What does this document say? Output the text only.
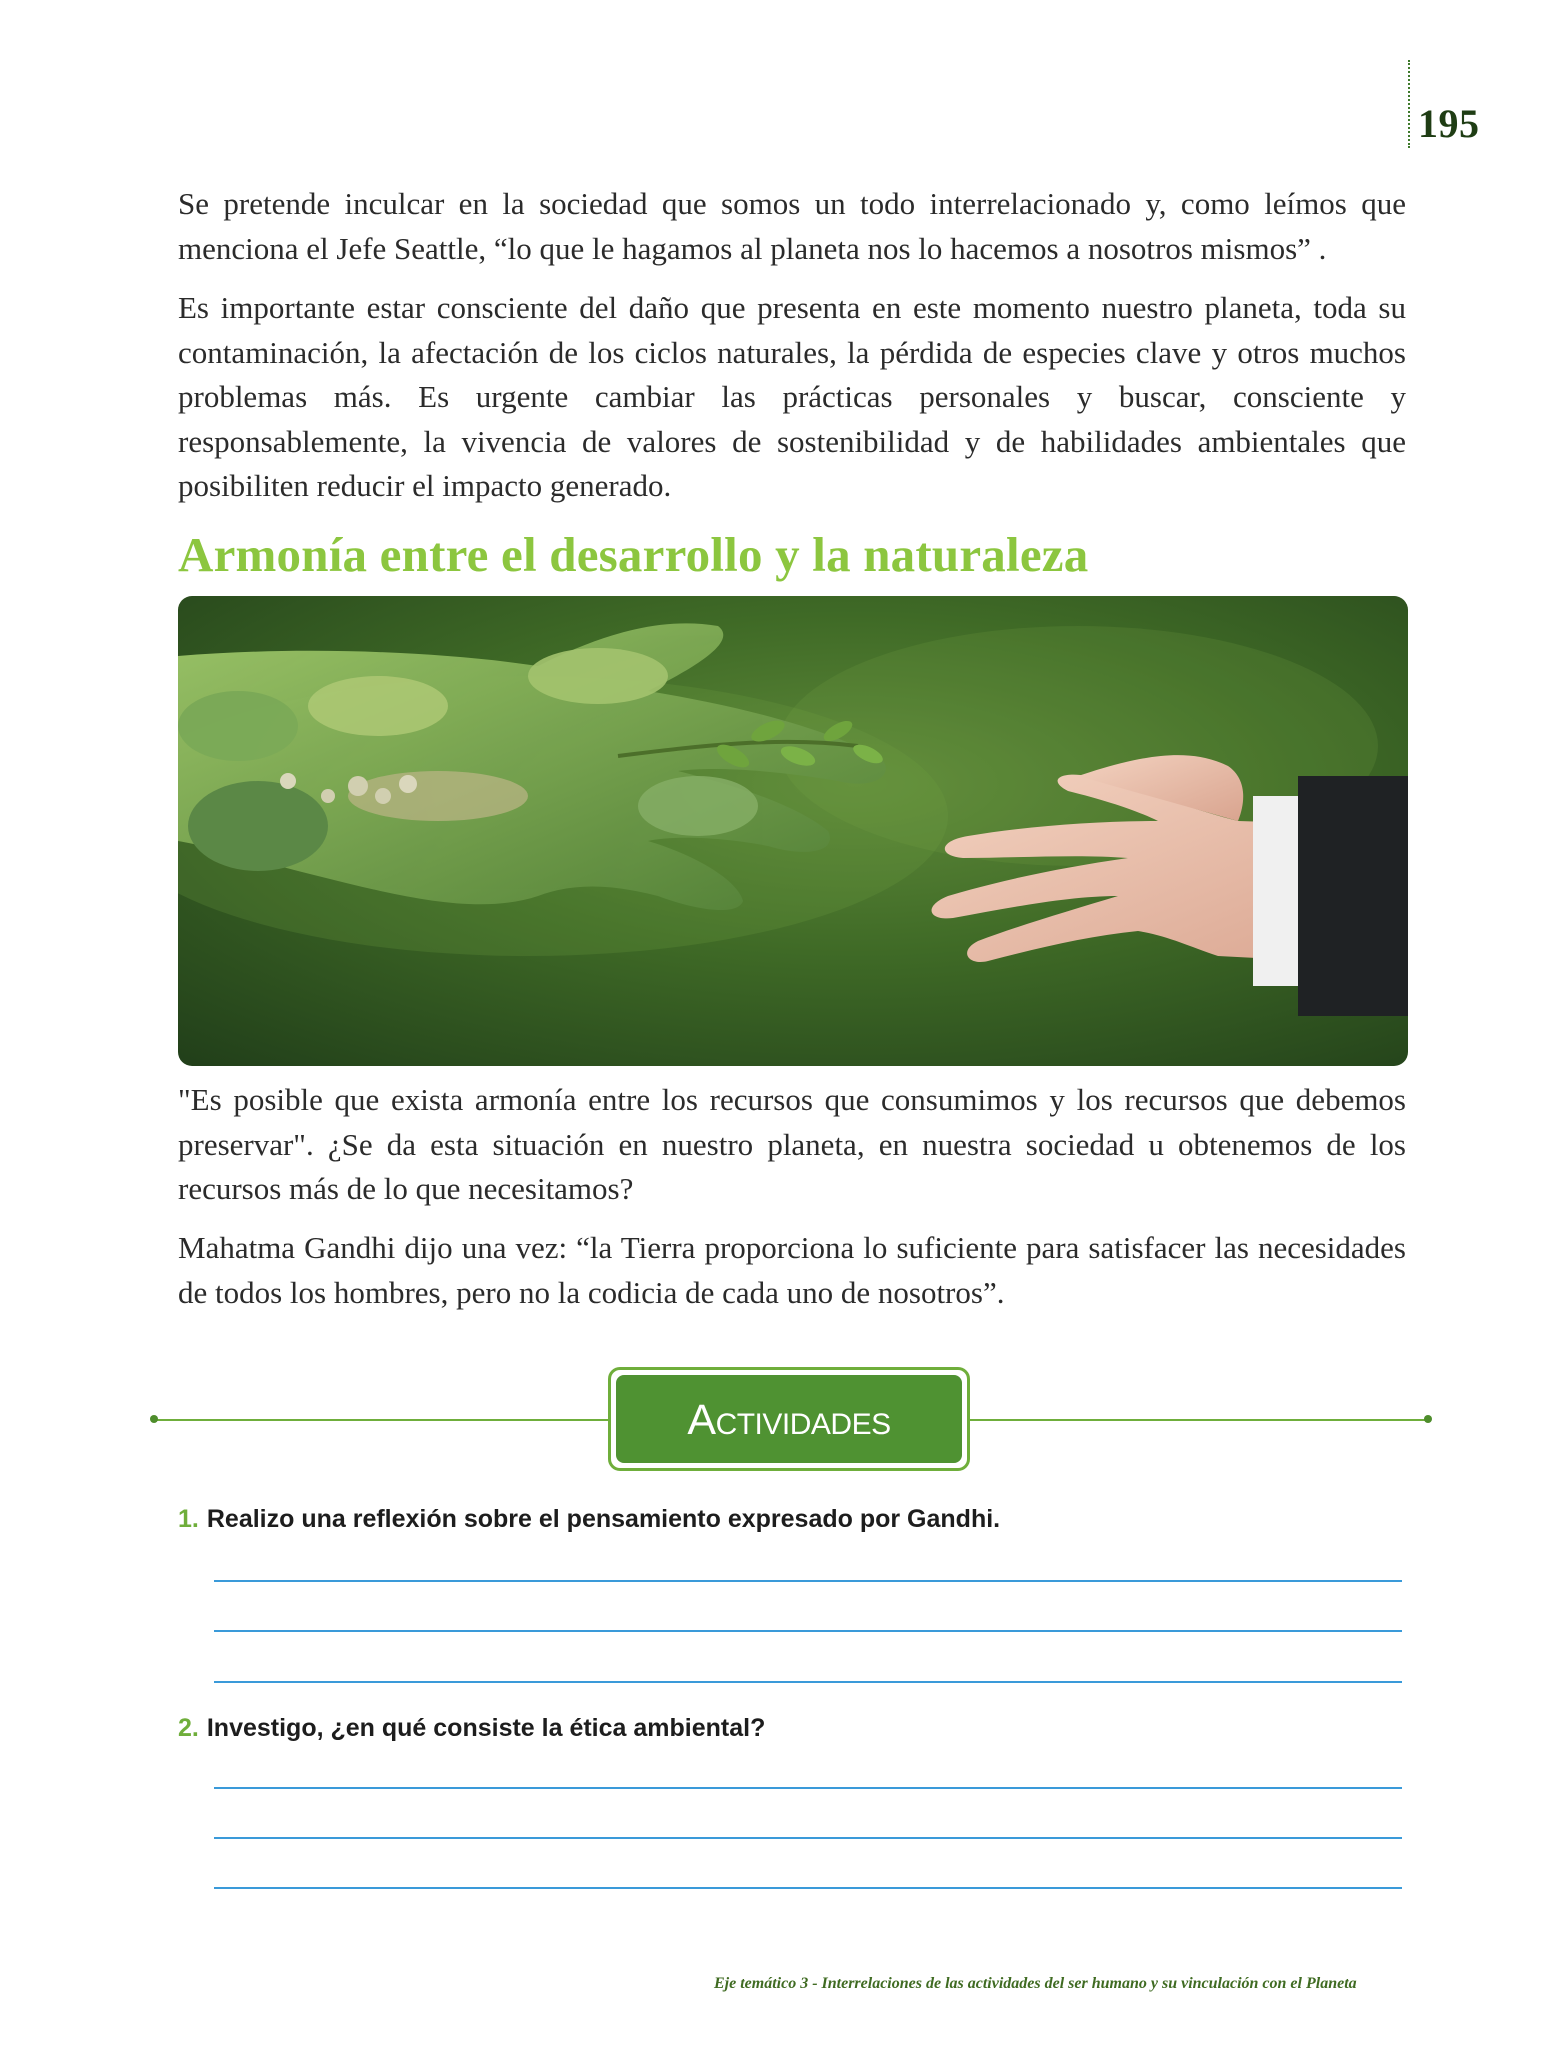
195

Se pretende inculcar en la sociedad que somos un todo interrelacionado y, como leímos que menciona el Jefe Seattle, “lo que le hagamos al planeta nos lo hacemos a nosotros mismos” .

Es importante estar consciente del daño que presenta en este momento nuestro planeta, toda su contaminación, la afectación de los ciclos naturales, la pérdida de especies clave y otros muchos problemas más. Es urgente cambiar las prácticas personales y buscar, consciente y responsablemente, la vivencia de valores de sostenibilidad y de habilidades ambientales que posibiliten reducir el impacto generado.

Armonía entre el desarrollo y la naturaleza

"Es posible que exista armonía entre los recursos que consumimos y los recursos que debemos preservar". ¿Se da esta situación en nuestro planeta, en nuestra sociedad u obtenemos de los recursos más de lo que necesitamos?

Mahatma Gandhi dijo una vez: “la Tierra proporciona lo suficiente para satisfacer las necesidades de todos los hombres, pero no la codicia de cada uno de nosotros”.

Actividades

1. Realizo una reflexión sobre el pensamiento expresado por Gandhi.

2. Investigo, ¿en qué consiste la ética ambiental?

Eje temático 3 - Interrelaciones de las actividades del ser humano y su vinculación con el Planeta
